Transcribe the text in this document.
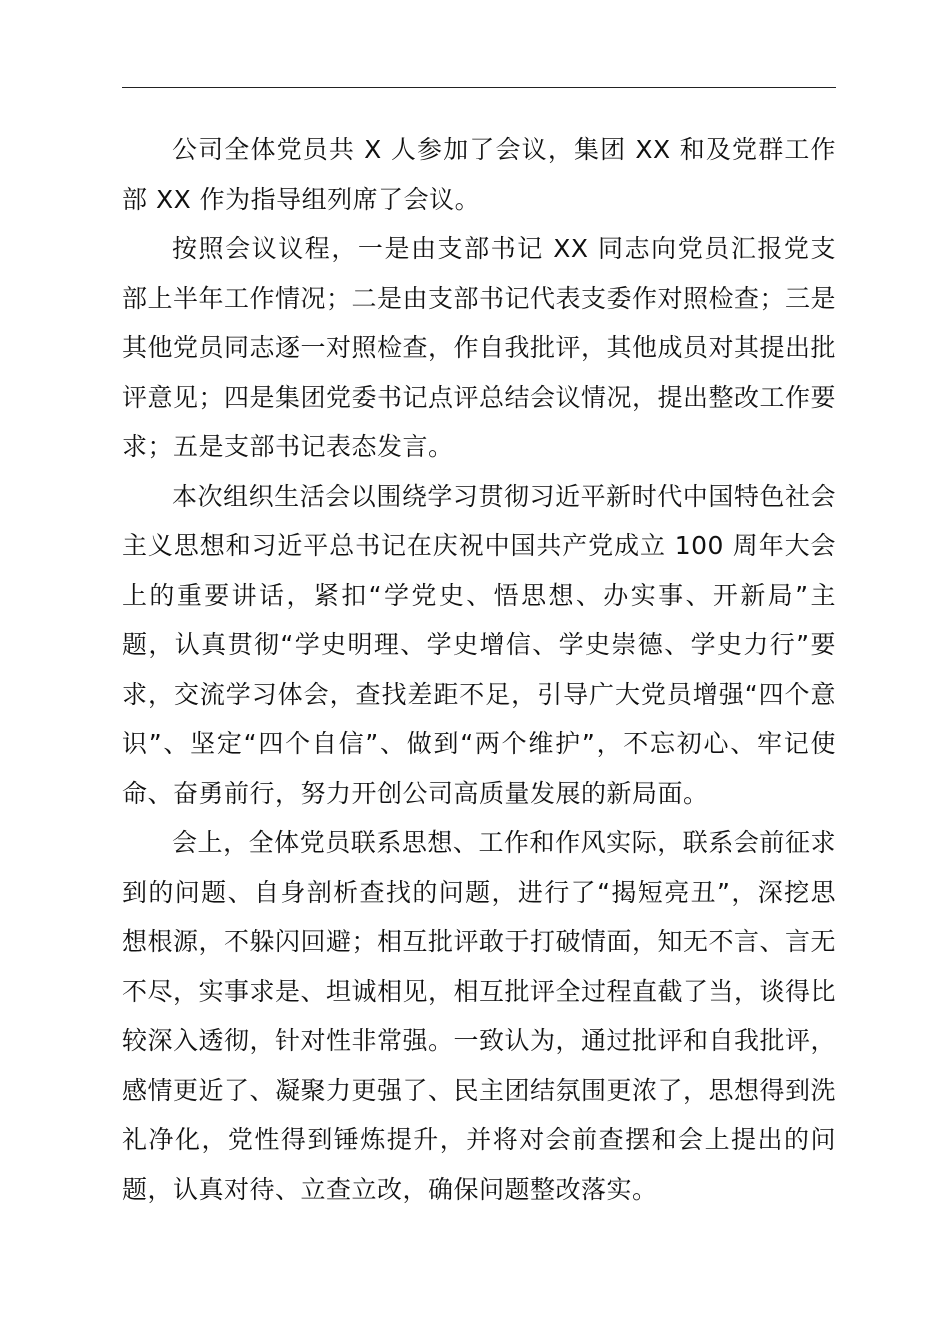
公司全体党员共 X 人参加了会议，集团 XX 和及党群工作部 XX 作为指导组列席了会议。

按照会议议程，一是由支部书记 XX 同志向党员汇报党支部上半年工作情况；二是由支部书记代表支委作对照检查；三是其他党员同志逐一对照检查，作自我批评，其他成员对其提出批评意见；四是集团党委书记点评总结会议情况，提出整改工作要求；五是支部书记表态发言。

本次组织生活会以围绕学习贯彻习近平新时代中国特色社会主义思想和习近平总书记在庆祝中国共产党成立 100 周年大会上的重要讲话，紧扣“学党史、悟思想、办实事、开新局”主题，认真贯彻“学史明理、学史增信、学史崇德、学史力行”要求，交流学习体会，查找差距不足，引导广大党员增强“四个意识”、坚定“四个自信”、做到“两个维护”，不忘初心、牢记使命、奋勇前行，努力开创公司高质量发展的新局面。

会上，全体党员联系思想、工作和作风实际，联系会前征求到的问题、自身剖析查找的问题，进行了“揭短亮丑”，深挖思想根源，不躲闪回避；相互批评敢于打破情面，知无不言、言无不尽，实事求是、坦诚相见，相互批评全过程直截了当，谈得比较深入透彻，针对性非常强。一致认为，通过批评和自我批评，感情更近了、凝聚力更强了、民主团结氛围更浓了，思想得到洗礼净化，党性得到锤炼提升，并将对会前查摆和会上提出的问题，认真对待、立查立改，确保问题整改落实。
